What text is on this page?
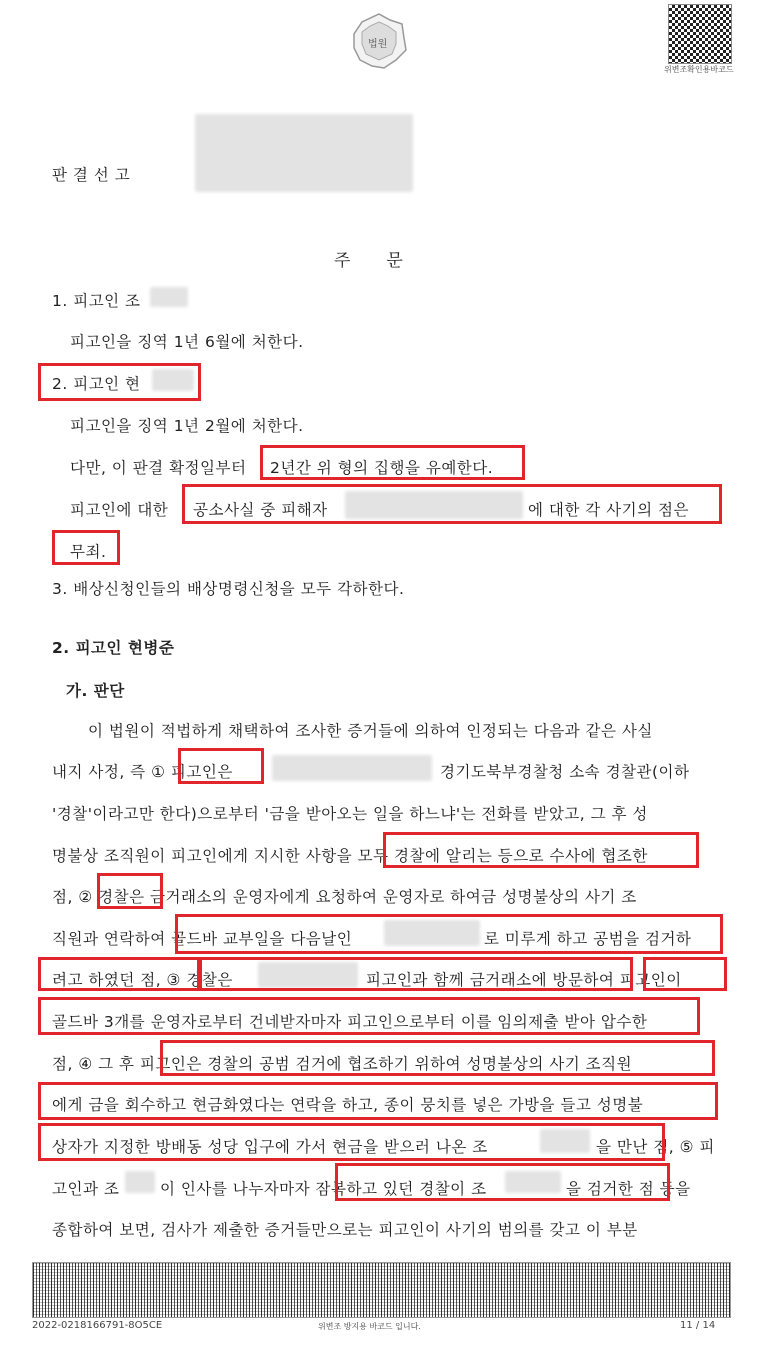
법원
위변조확인용바코드
판 결 선 고
주      문
1. 피고인 조
피고인을 징역 1년 6월에 처한다.
2. 피고인 현
피고인을 징역 1년 2월에 처한다.
다만, 이 판결 확정일부터 2년간 위 형의 집행을 유예한다.
피고인에 대한 공소사실 중 피해자	에 대한 각 사기의 점은
무죄.
3. 배상신청인들의 배상명령신청을 모두 각하한다.
2. 피고인 현병준
가. 판단
이 법원이 적법하게 채택하여 조사한 증거들에 의하여 인정되는 다음과 같은 사실
내지 사정, 즉 ① 피고인은	경기도북부경찰청 소속 경찰관(이하
'경찰'이라고만 한다)으로부터 '금을 받아오는 일을 하느냐'는 전화를 받았고, 그 후 성
명불상 조직원이 피고인에게 지시한 사항을 모두 경찰에 알리는 등으로 수사에 협조한
점, ② 경찰은 금거래소의 운영자에게 요청하여 운영자로 하여금 성명불상의 사기 조
직원과 연락하여 골드바 교부일을 다음날인	로 미루게 하고 공범을 검거하
려고 하였던 점, ③ 경찰은	피고인과 함께 금거래소에 방문하여 피고인이
골드바 3개를 운영자로부터 건네받자마자 피고인으로부터 이를 임의제출 받아 압수한
점, ④ 그 후 피고인은 경찰의 공범 검거에 협조하기 위하여 성명불상의 사기 조직원
에게 금을 회수하고 현금화였다는 연락을 하고, 종이 뭉치를 넣은 가방을 들고 성명불
상자가 지정한 방배동 성당 입구에 가서 현금을 받으러 나온 조	을 만난 점, ⑤ 피
고인과 조	이 인사를 나누자마자 잠복하고 있던 경찰이 조	을 검거한 점 등을
종합하여 보면, 검사가 제출한 증거들만으로는 피고인이 사기의 범의를 갖고 이 부분
2022-0218166791-8O5CE	위변조 방지용 바코드 입니다.	11 / 14
